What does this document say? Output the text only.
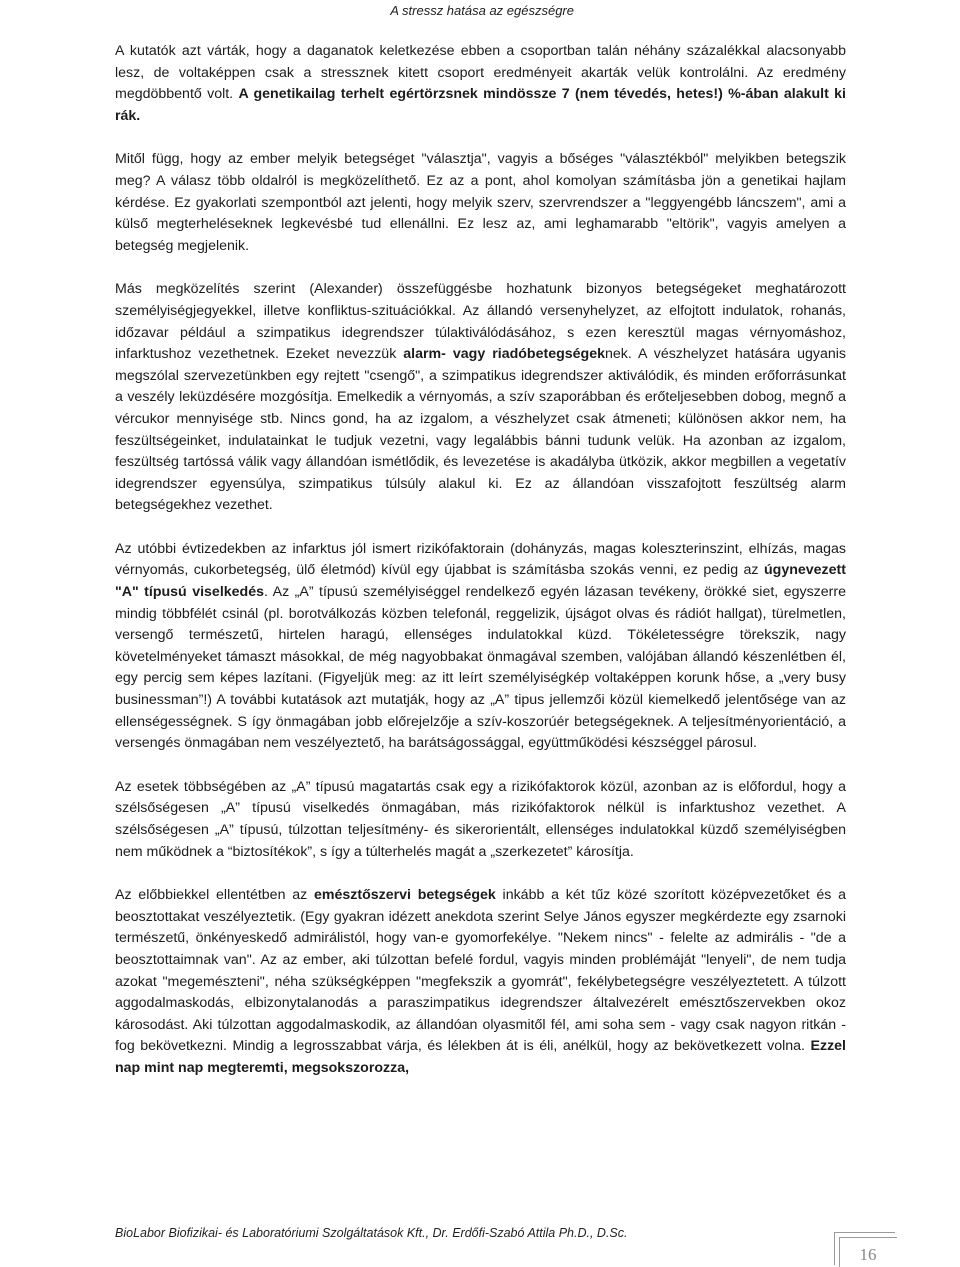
A stressz hatása az egészségre

A kutatók azt várták, hogy a daganatok keletkezése ebben a csoportban talán néhány százalékkal alacsonyabb lesz, de voltaképpen csak a stressznek kitett csoport eredményeit akarták velük kontrolálni. Az eredmény megdöbbentő volt. A genetikailag terhelt egértörzsnek mindössze 7 (nem tévedés, hetes!) %-ában alakult ki rák.

Mitől függ, hogy az ember melyik betegséget "választja", vagyis a bőséges "választékból" melyikben betegszik meg? A válasz több oldalról is megközelíthető. Ez az a pont, ahol komolyan számításba jön a genetikai hajlam kérdése. Ez gyakorlati szempontból azt jelenti, hogy melyik szerv, szervrendszer a "leggyengébb láncszem", ami a külső megterheléseknek legkevésbé tud ellenállni. Ez lesz az, ami leghamarabb "eltörik", vagyis amelyen a betegség megjelenik.

Más megközelítés szerint (Alexander) összefüggésbe hozhatunk bizonyos betegségeket meghatározott személyiségjegyekkel, illetve konfliktus-szituációkkal. Az állandó versenyhelyzet, az elfojtott indulatok, rohanás, időzavar például a szimpatikus idegrendszer túlaktiválódásához, s ezen keresztül magas vérnyomáshoz, infarktushoz vezethetnek. Ezeket nevezzük alarm- vagy riadóbetegségeknek. A vészhelyzet hatására ugyanis megszólal szervezetünkben egy rejtett "csengő", a szimpatikus idegrendszer aktiválódik, és minden erőforrásunkat a veszély leküzdésére mozgósítja. Emelkedik a vérnyomás, a szív szaporábban és erőteljesebben dobog, megnő a vércukor mennyisége stb. Nincs gond, ha az izgalom, a vészhelyzet csak átmeneti; különösen akkor nem, ha feszültségeinket, indulatainkat le tudjuk vezetni, vagy legalábbis bánni tudunk velük. Ha azonban az izgalom, feszültség tartóssá válik vagy állandóan ismétlődik, és levezetése is akadályba ütközik, akkor megbillen a vegetatív idegrendszer egyensúlya, szimpatikus túlsúly alakul ki. Ez az állandóan visszafojtott feszültség alarm betegségekhez vezethet.

Az utóbbi évtizedekben az infarktus jól ismert rizikófaktorain (dohányzás, magas koleszterinszint, elhízás, magas vérnyomás, cukorbetegség, ülő életmód) kívül egy újabbat is számításba szokás venni, ez pedig az úgynevezett "A" típusú viselkedés. Az „A” típusú személyiséggel rendelkező egyén lázasan tevékeny, örökké siet, egyszerre mindig többfélét csinál (pl. borotválkozás közben telefonál, reggelizik, újságot olvas és rádiót hallgat), türelmetlen, versengő természetű, hirtelen haragú, ellenséges indulatokkal küzd. Tökéletességre törekszik, nagy követelményeket támaszt másokkal, de még nagyobbakat önmagával szemben, valójában állandó készenlétben él, egy percig sem képes lazítani. (Figyeljük meg: az itt leírt személyiségkép voltaképpen korunk hőse, a „very busy businessman”!) A további kutatások azt mutatják, hogy az „A” tipus jellemzői közül kiemelkedő jelentősége van az ellenségességnek. S így önmagában jobb előrejelzője a szív-koszorúér betegségeknek. A teljesítményorientáció, a versengés önmagában nem veszélyeztető, ha barátságossággal, együttműködési készséggel párosul.

Az esetek többségében az „A” típusú magatartás csak egy a rizikófaktorok közül, azonban az is előfordul, hogy a szélsőségesen „A” típusú viselkedés önmagában, más rizikófaktorok nélkül is infarktushoz vezethet. A szélsőségesen „A” típusú, túlzottan teljesítmény- és sikerorientált, ellenséges indulatokkal küzdő személyiségben nem működnek a “biztosítékok”, s így a túlterhelés magát a „szerkezetet” károsítja.

Az előbbiekkel ellentétben az emésztőszervi betegségek inkább a két tűz közé szorított középvezetőket és a beosztottakat veszélyeztetik. (Egy gyakran idézett anekdota szerint Selye János egyszer megkérdezte egy zsarnoki természetű, önkényeskedő admirálistól, hogy van-e gyomorfekélye. "Nekem nincs" - felelte az admirális - "de a beosztottaimnak van". Az az ember, aki túlzottan befelé fordul, vagyis minden problémáját "lenyeli", de nem tudja azokat "megemészteni", néha szükségképpen "megfekszik a gyomrát", fekélybetegségre veszélyeztetett. A túlzott aggodalmaskodás, elbizonytalanodás a paraszimpatikus idegrendszer általvezérelt emésztőszervekben okoz károsodást. Aki túlzottan aggodalmaskodik, az állandóan olyasmitől fél, ami soha sem - vagy csak nagyon ritkán - fog bekövetkezni. Mindig a legrosszabbat várja, és lélekben át is éli, anélkül, hogy az bekövetkezett volna. Ezzel nap mint nap megteremti, megsokszorozza,

BioLabor Biofizikai- és Laboratóriumi Szolgáltatások Kft., Dr. Erdőfi-Szabó Attila Ph.D., D.Sc.
16
